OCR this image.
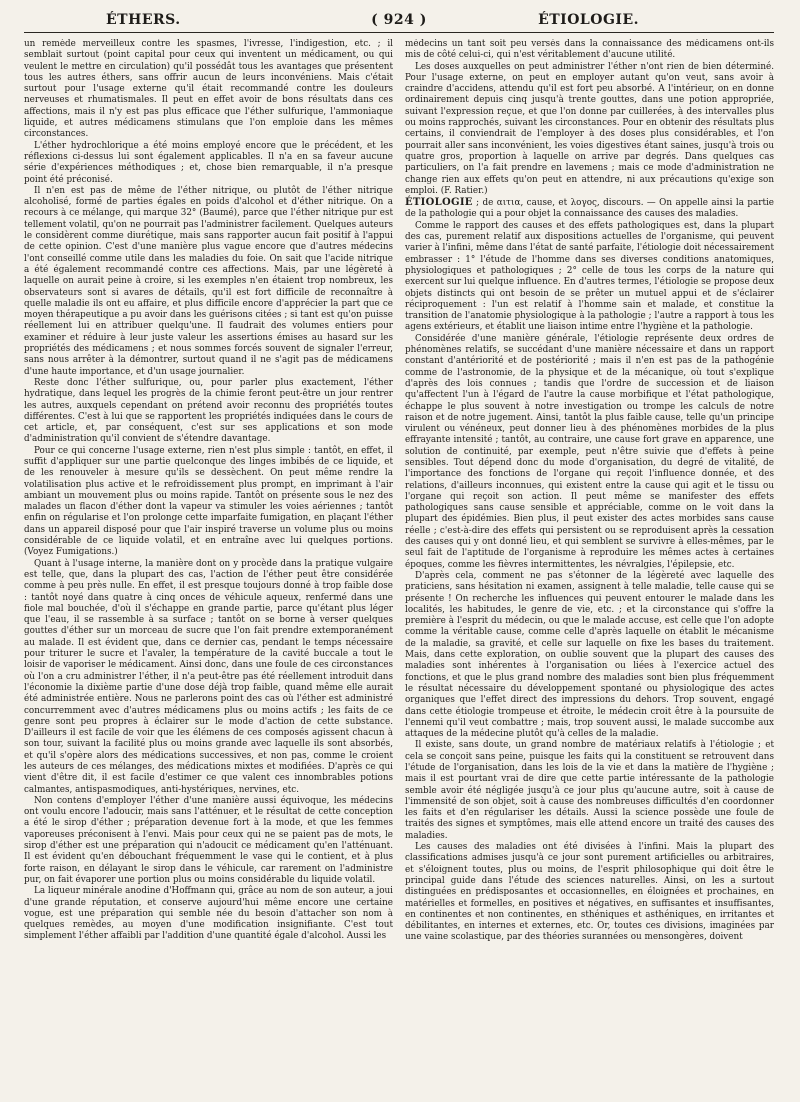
ÉTHERS.	( 924 )	ÉTIOLOGIE.

un remède merveilleux contre les spasmes, l'ivresse, l'indigestion, etc. ; il semblait surtout (point capital pour ceux qui inventent un médicament, ou qui veulent le mettre en circulation) qu'il possédât tous les avantages que présentent tous les autres éthers, sans offrir aucun de leurs inconvéniens. Mais c'était surtout pour l'usage externe qu'il était recommandé contre les douleurs nerveuses et rhumatismales. Il peut en effet avoir de bons résultats dans ces affections, mais il n'y est pas plus efficace que l'éther sulfurique, l'ammoniaque liquide, et autres médicamens stimulans que l'on emploie dans les mêmes circonstances.

L'éther hydrochlorique a été moins employé encore que le précédent, et les réflexions ci-dessus lui sont également applicables. Il n'a en sa faveur aucune série d'expériences méthodiques ; et, chose bien remarquable, il n'a presque point été préconisé.

Il n'en est pas de même de l'éther nitrique, ou plutôt de l'éther nitrique alcoholisé, formé de parties égales en poids d'alcohol et d'éther nitrique. On a recours à ce mélange, qui marque 32° (Baumé), parce que l'éther nitrique pur est tellement volatil, qu'on ne pourrait pas l'administrer facilement. Quelques auteurs le considèrent comme diurétique, mais sans rapporter aucun fait positif à l'appui de cette opinion. C'est d'une manière plus vague encore que d'autres médecins l'ont conseillé comme utile dans les maladies du foie. On sait que l'acide nitrique a été également recommandé contre ces affections. Mais, par une légèreté à laquelle on aurait peine à croire, si les exemples n'en étaient trop nombreux, les observateurs sont si avares de détails, qu'il est fort difficile de reconnaître à quelle maladie ils ont eu affaire, et plus difficile encore d'apprécier la part que ce moyen thérapeutique a pu avoir dans les guérisons citées ; si tant est qu'on puisse réellement lui en attribuer quelqu'une. Il faudrait des volumes entiers pour examiner et réduire à leur juste valeur les assertions émises au hasard sur les propriétés des médicamens ; et nous sommes forcés souvent de signaler l'erreur, sans nous arrêter à la démontrer, surtout quand il ne s'agit pas de médicamens d'une haute importance, et d'un usage journalier.

Reste donc l'éther sulfurique, ou, pour parler plus exactement, l'éther hydratique, dans lequel les progrès de la chimie feront peut-être un jour rentrer les autres, auxquels cependant on prétend avoir reconnu des propriétés toutes différentes. C'est à lui que se rapportent les propriétés indiquées dans le cours de cet article, et, par conséquent, c'est sur ses applications et son mode d'administration qu'il convient de s'étendre davantage.

Pour ce qui concerne l'usage externe, rien n'est plus simple : tantôt, en effet, il suffit d'appliquer sur une partie quelconque des linges imbibés de ce liquide, et de les renouveler à mesure qu'ils se dessèchent. On peut même rendre la volatilisation plus active et le refroidissement plus prompt, en imprimant à l'air ambiant un mouvement plus ou moins rapide. Tantôt on présente sous le nez des malades un flacon d'éther dont la vapeur va stimuler les voies aériennes ; tantôt enfin on régularise et l'on prolonge cette imparfaite fumigation, en plaçant l'éther dans un appareil disposé pour que l'air inspiré traverse un volume plus ou moins considérable de ce liquide volatil, et en entraîne avec lui quelques portions. (Voyez Fumigations.)

Quant à l'usage interne, la manière dont on y procède dans la pratique vulgaire est telle, que, dans la plupart des cas, l'action de l'éther peut être considérée comme à peu près nulle. En effet, il est presque toujours donné à trop faible dose : tantôt noyé dans quatre à cinq onces de véhicule aqueux, renfermé dans une fiole mal bouchée, d'où il s'échappe en grande partie, parce qu'étant plus léger que l'eau, il se rassemble à sa surface ; tantôt on se borne à verser quelques gouttes d'éther sur un morceau de sucre que l'on fait prendre extemporanément au malade. Il est évident que, dans ce dernier cas, pendant le temps nécessaire pour triturer le sucre et l'avaler, la température de la cavité buccale a tout le loisir de vaporiser le médicament. Ainsi donc, dans une foule de ces circonstances où l'on a cru administrer l'éther, il n'a peut-être pas été réellement introduit dans l'économie la dixième partie d'une dose déjà trop faible, quand même elle aurait été administrée entière. Nous ne parlerons point des cas où l'éther est administré concurremment avec d'autres médicamens plus ou moins actifs ; les faits de ce genre sont peu propres à éclairer sur le mode d'action de cette substance. D'ailleurs il est facile de voir que les élémens de ces composés agissent chacun à son tour, suivant la facilité plus ou moins grande avec laquelle ils sont absorbés, et qu'il s'opère alors des médications successives, et non pas, comme le croient les auteurs de ces mélanges, des médications mixtes et modifiées. D'après ce qui vient d'être dit, il est facile d'estimer ce que valent ces innombrables potions calmantes, antispasmodiques, anti-hystériques, nervines, etc.

Non contens d'employer l'éther d'une manière aussi équivoque, les médecins ont voulu encore l'adoucir, mais sans l'atténuer, et le résultat de cette conception a été le sirop d'éther ; préparation devenue fort à la mode, et que les femmes vaporeuses préconisent à l'envi. Mais pour ceux qui ne se paient pas de mots, le sirop d'éther est une préparation qui n'adoucit ce médicament qu'en l'atténuant. Il est évident qu'en débouchant fréquemment le vase qui le contient, et à plus forte raison, en délayant le sirop dans le véhicule, car rarement on l'administre pur, on fait évaporer une portion plus ou moins considérable du liquide volatil.

La liqueur minérale anodine d'Hoffmann qui, grâce au nom de son auteur, a joui d'une grande réputation, et conserve aujourd'hui même encore une certaine vogue, est une préparation qui semble née du besoin d'attacher son nom à quelques remèdes, au moyen d'une modification insignifiante. C'est tout simplement l'éther affaibli par l'addition d'une quantité égale d'alcohol. Aussi les

médecins un tant soit peu versés dans la connaissance des médicamens ont-ils mis de côté celui-ci, qui n'est véritablement d'aucune utilité.

Les doses auxquelles on peut administrer l'éther n'ont rien de bien déterminé. Pour l'usage externe, on peut en employer autant qu'on veut, sans avoir à craindre d'accidens, attendu qu'il est fort peu absorbé. A l'intérieur, on en donne ordinairement depuis cinq jusqu'à trente gouttes, dans une potion appropriée, suivant l'expression reçue, et que l'on donne par cuillerées, à des intervalles plus ou moins rapprochés, suivant les circonstances. Pour en obtenir des résultats plus certains, il conviendrait de l'employer à des doses plus considérables, et l'on pourrait aller sans inconvénient, les voies digestives étant saines, jusqu'à trois ou quatre gros, proportion à laquelle on arrive par degrés. Dans quelques cas particuliers, on l'a fait prendre en lavemens ; mais ce mode d'administration ne change rien aux effets qu'on peut en attendre, ni aux précautions qu'exige son emploi. (F. Ratier.)

ÉTIOLOGIE ; de αιτια, cause, et λογος, discours. — On appelle ainsi la partie de la pathologie qui a pour objet la connaissance des causes des maladies.

Comme le rapport des causes et des effets pathologiques est, dans la plupart des cas, purement relatif aux dispositions actuelles de l'organisme, qui peuvent varier à l'infini, même dans l'état de santé parfaite, l'étiologie doit nécessairement embrasser : 1° l'étude de l'homme dans ses diverses conditions anatomiques, physiologiques et pathologiques ; 2° celle de tous les corps de la nature qui exercent sur lui quelque influence. En d'autres termes, l'étiologie se propose deux objets distincts qui ont besoin de se prêter un mutuel appui et de s'éclairer réciproquement : l'un est relatif à l'homme sain et malade, et constitue la transition de l'anatomie physiologique à la pathologie ; l'autre a rapport à tous les agens extérieurs, et établit une liaison intime entre l'hygiène et la pathologie.

Considérée d'une manière générale, l'étiologie représente deux ordres de phénomènes relatifs, se succédant d'une manière nécessaire et dans un rapport constant d'antériorité et de postériorité ; mais il n'en est pas de la pathogénie comme de l'astronomie, de la physique et de la mécanique, où tout s'explique d'après des lois connues ; tandis que l'ordre de succession et de liaison qu'affectent l'un à l'égard de l'autre la cause morbifique et l'état pathologique, échappe le plus souvent à notre investigation ou trompe les calculs de notre raison et de notre jugement. Ainsi, tantôt la plus faible cause, telle qu'un principe virulent ou vénéneux, peut donner lieu à des phénomènes morbides de la plus effrayante intensité ; tantôt, au contraire, une cause fort grave en apparence, une solution de continuité, par exemple, peut n'être suivie que d'effets à peine sensibles. Tout dépend donc du mode d'organisation, du degré de vitalité, de l'importance des fonctions de l'organe qui reçoit l'influence donnée, et des relations, d'ailleurs inconnues, qui existent entre la cause qui agit et le tissu ou l'organe qui reçoit son action. Il peut même se manifester des effets pathologiques sans cause sensible et appréciable, comme on le voit dans la plupart des épidémies. Bien plus, il peut exister des actes morbides sans cause réelle ; c'est-à-dire des effets qui persistent ou se reproduisent après la cessation des causes qui y ont donné lieu, et qui semblent se survivre à elles-mêmes, par le seul fait de l'aptitude de l'organisme à reproduire les mêmes actes à certaines époques, comme les fièvres intermittentes, les névralgies, l'épilepsie, etc.

D'après cela, comment ne pas s'étonner de la légèreté avec laquelle des praticiens, sans hésitation ni examen, assignent à telle maladie, telle cause qui se présente ! On recherche les influences qui peuvent entourer le malade dans les localités, les habitudes, le genre de vie, etc. ; et la circonstance qui s'offre la première à l'esprit du médecin, ou que le malade accuse, est celle que l'on adopte comme la véritable cause, comme celle d'après laquelle on établit le mécanisme de la maladie, sa gravité, et celle sur laquelle on fixe les bases du traitement. Mais, dans cette exploration, on oublie souvent que la plupart des causes des maladies sont inhérentes à l'organisation ou liées à l'exercice actuel des fonctions, et que le plus grand nombre des maladies sont bien plus fréquemment le résultat nécessaire du développement spontané ou physiologique des actes organiques que l'effet direct des impressions du dehors. Trop souvent, engagé dans cette étiologie trompeuse et étroite, le médecin croit être à la poursuite de l'ennemi qu'il veut combattre ; mais, trop souvent aussi, le malade succombe aux attaques de la médecine plutôt qu'à celles de la maladie.

Il existe, sans doute, un grand nombre de matériaux relatifs à l'étiologie ; et cela se conçoit sans peine, puisque les faits qui la constituent se retrouvent dans l'étude de l'organisation, dans les lois de la vie et dans la matière de l'hygiène ; mais il est pourtant vrai de dire que cette partie intéressante de la pathologie semble avoir été négligée jusqu'à ce jour plus qu'aucune autre, soit à cause de l'immensité de son objet, soit à cause des nombreuses difficultés d'en coordonner les faits et d'en régulariser les détails. Aussi la science possède une foule de traités des signes et symptômes, mais elle attend encore un traité des causes des maladies.

Les causes des maladies ont été divisées à l'infini. Mais la plupart des classifications admises jusqu'à ce jour sont purement artificielles ou arbitraires, et s'éloignent toutes, plus ou moins, de l'esprit philosophique qui doit être le principal guide dans l'étude des sciences naturelles. Ainsi, on les a surtout distinguées en prédisposantes et occasionnelles, en éloignées et prochaines, en matérielles et formelles, en positives et négatives, en suffisantes et insuffisantes, en continentes et non continentes, en sthéniques et asthéniques, en irritantes et débilitantes, en internes et externes, etc. Or, toutes ces divisions, imaginées par une vaine scolastique, par des théories surannées ou mensongères, doivent
